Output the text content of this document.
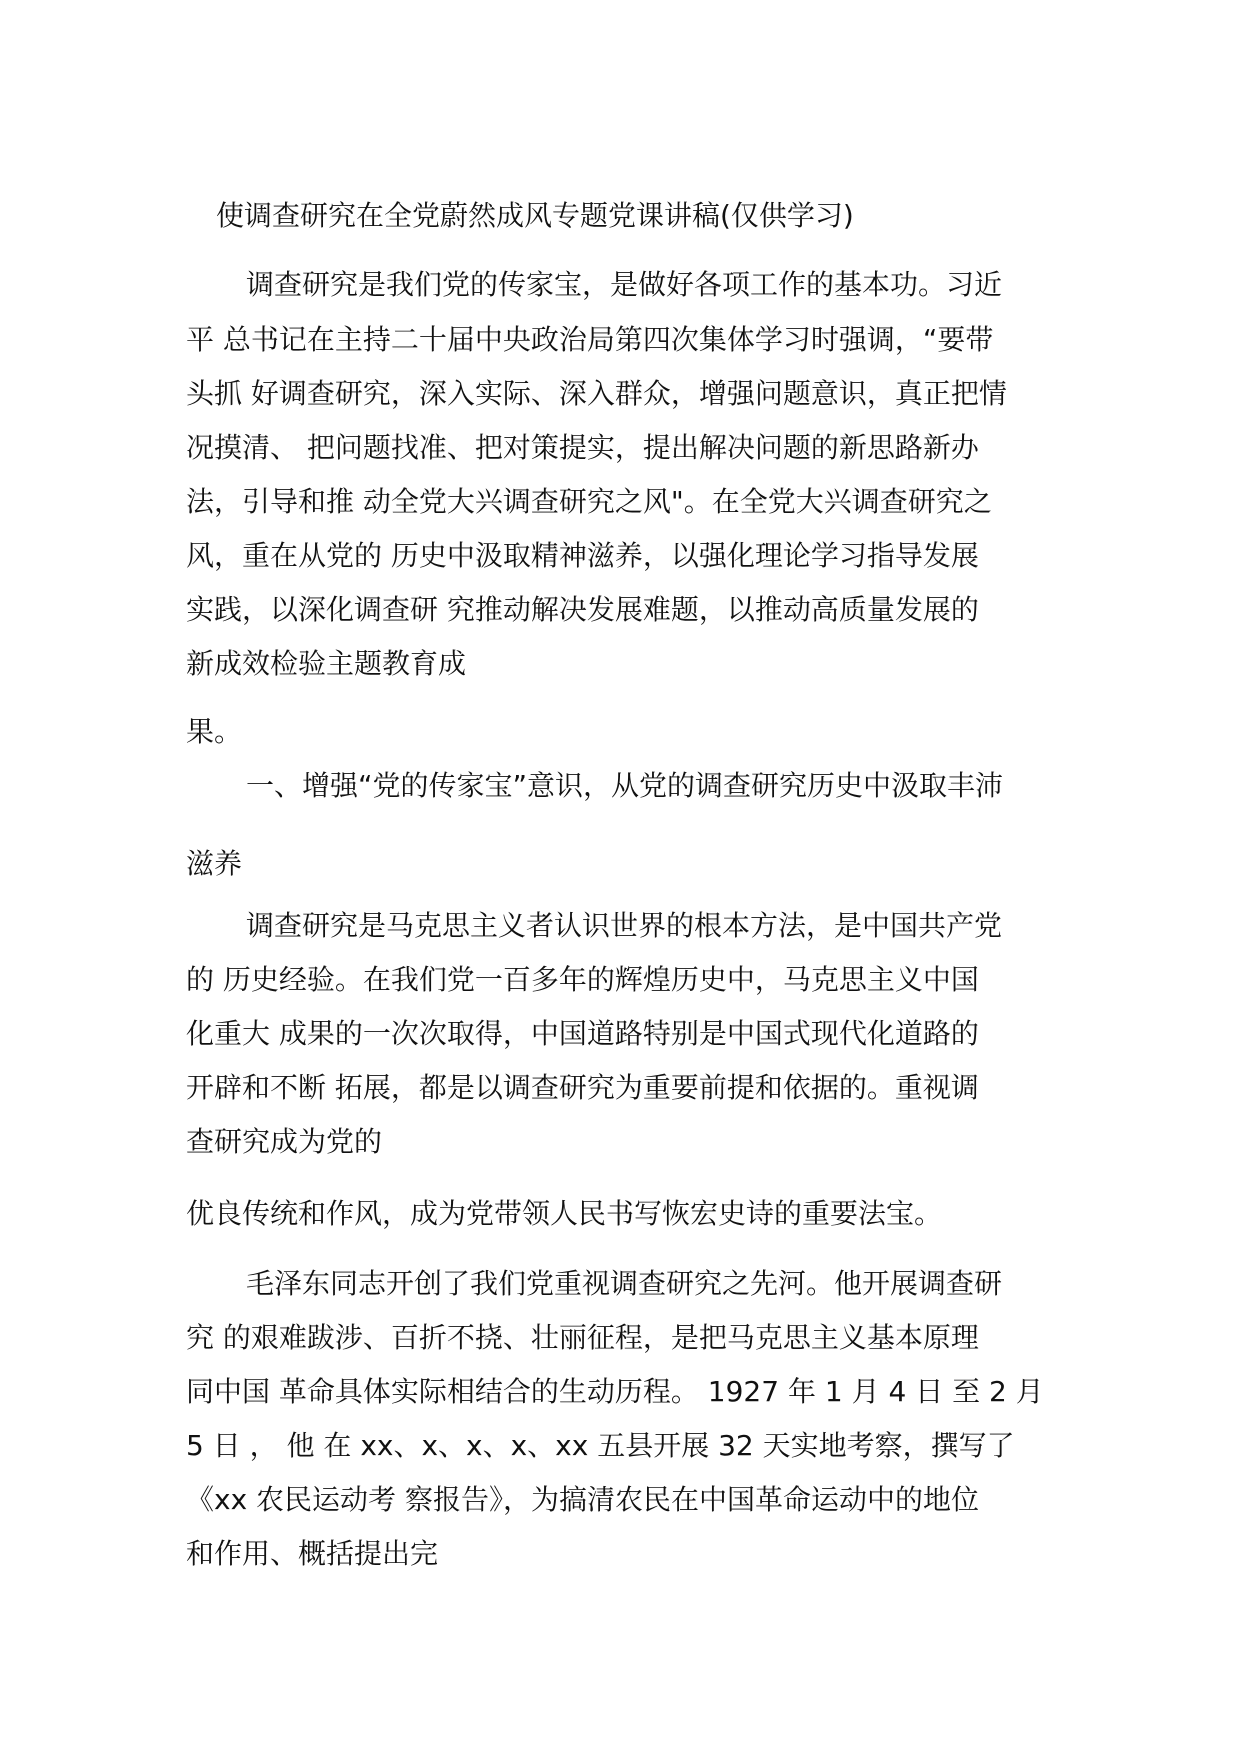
使调查研究在全党蔚然成风专题党课讲稿(仅供学习)
调查研究是我们党的传家宝，是做好各项工作的基本功。习近
平 总书记在主持二十届中央政治局第四次集体学习时强调，“要带
头抓 好调查研究，深入实际、深入群众，增强问题意识，真正把情
况摸清、 把问题找准、把对策提实，提出解决问题的新思路新办
法，引导和推 动全党大兴调查研究之风"。在全党大兴调查研究之
风，重在从党的 历史中汲取精神滋养，以强化理论学习指导发展
实践，以深化调查研 究推动解决发展难题，以推动高质量发展的
新成效检验主题教育成
果。
一、增强“党的传家宝”意识，从党的调查研究历史中汲取丰沛
滋养
调查研究是马克思主义者认识世界的根本方法，是中国共产党
的 历史经验。在我们党一百多年的辉煌历史中，马克思主义中国
化重大 成果的一次次取得，中国道路特别是中国式现代化道路的
开辟和不断 拓展，都是以调查研究为重要前提和依据的。重视调
查研究成为党的
优良传统和作风，成为党带领人民书写恢宏史诗的重要法宝。
毛泽东同志开创了我们党重视调查研究之先河。他开展调查研
究 的艰难跋涉、百折不挠、壮丽征程，是把马克思主义基本原理
同中国 革命具体实际相结合的生动历程。 1927 年 1 月 4 日 至 2 月
5 日 ， 他 在 xx、x、x、x、xx 五县开展 32 天实地考察，撰写了
《xx 农民运动考 察报告》，为搞清农民在中国革命运动中的地位
和作用、概括提出完
